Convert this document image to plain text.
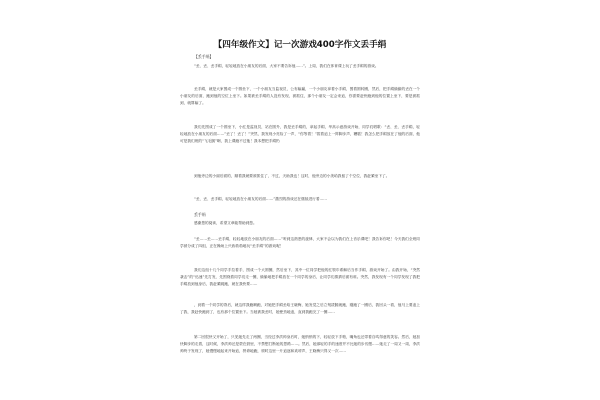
【四年级作文】记一次游戏400字作文丢手绢
【丢手绢】

“丢、丢、丢手绢，轻轻地放在小朋友的后面，大家不要告诉他……”。上周，我们在体育课上玩了丢手绢的游戏。

丢手绢，就是大家围成一个圆坐下，一个小朋友当监视员，公布输赢，一个小朋友拿着小手绢，围着圆转圈，然后，把手绢偷偷的丢在一个小朋友的后面，跑到他的空位上坐下。如果被丢手绢的人没有发现，被抓住，那个小朋友一定会来追，你需要赶快跑到他的位置上坐下，要是被抓到，就算输了。

我们先围成了一个圆坐下，小红是监视员，站在圆外，我是丢手绢的，拿起手绢，华高示意游戏开始，同学们唱歌：“丢、丢、丢手绢，轻轻地放在小朋友的后面……”丢了！丢了！”突然，我发现小亮捡了一声，“你等着！”拔着追上一阵脚步声，糟糕！我怎么把手绢放在了他的后面，他可是我们班的“飞毛腿”啊，我上课跑不过他！我本想把手绢扔

到他旁边的小丽后面的，顺着我就要被抓住了，不过，天助我也！这时，他旁边的小美给我留了个空位，我赶紧坐下了。

“丢、丢、丢手绢，轻轻地放在小朋友的后面……”激烈的游戏还在继续进行着……

丢手绢

感谢您的阅读，希望文章能帮助到您。

“丢……丢……丢手绢，轻轻地放在小朋友的后面……”听到这熟悉的旋律，大家不会以为我们在上音乐课吧！我告诉你吧！今天我们全班同学被分成了四组，正在操场上兴致勃勃地玩“丢手绢”的游戏呢！

我们这组十几个同学手拉着手，围成一个大圆圈，然后坐下，其中一位同学把他的红领巾系解后当作手绢，游戏开始了。由我开始，“突然袭击”的“迅速”先打发，先围绕着同学们走一圈，偷偷地把手绢放在一个同学的身后，让同学们猜猜后面有谁。突然，我发现有一个同学发现了我把手绢放到他身后，我赶紧跳跑，就在我快要……

，到着一个同学的背后，就这样我跑啊跑，对她把手绢丢给王晓梅，她发觉之后立刻拔腿就跑，刚跑了一圈后，我回头一看，他马上要追上了我，我赶快跑到了，也有那个位置坐下。当她被我丢时，她使劲地追，直到我跑完了一圈……

第二回很快又开始了，只见她先走了两圈，当经过李洪帅身后时，她悄悄的下，轻轻放下手帕，嘴角也还带着自鸣得意的笑容。然后，她加快脚步的走着，这时候，李洪帅还是蒙在鼓里，不禁想打断她的思路……。然后，她那轻的手的速度并不比她的步伐慢……她走了一周又一周，李洪帅终于发现了，她慢慢地起来开始追，拼命地跑，顿时这里一片追逐和欢呼声，王晓梅只得又一次……
